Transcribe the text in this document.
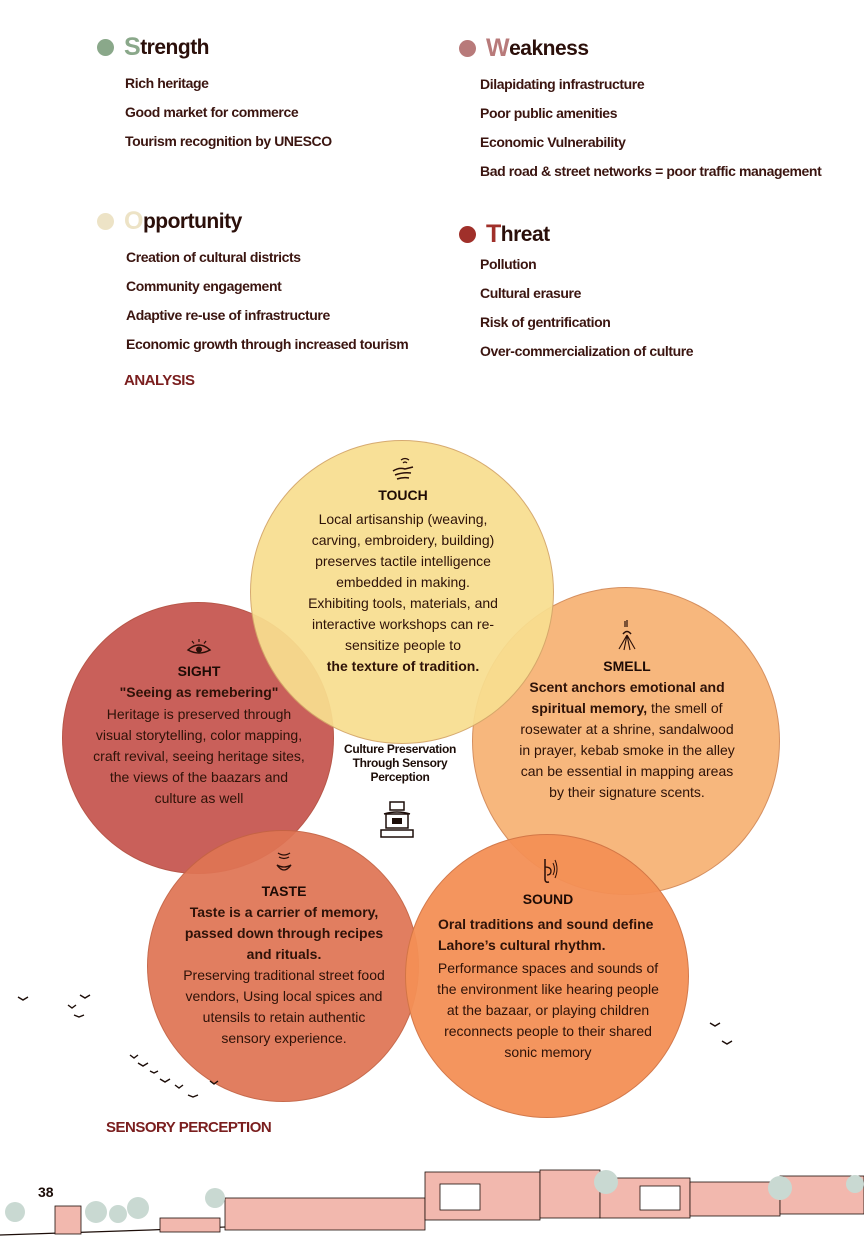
S trength
Rich heritage
Good market for commerce
Tourism recognition by UNESCO
W eakness
Dilapidating infrastructure
Poor public amenities
Economic Vulnerability
Bad road & street networks = poor traffic management
O pportunity
Creation of cultural districts
Community engagement
Adaptive re-use of infrastructure
Economic growth through increased tourism
T hreat
Pollution
Cultural erasure
Risk of gentrification
Over-commercialization of culture
ANALYSIS
SIGHT
"Seeing as remebering"
Heritage is preserved through visual storytelling, color mapping, craft revival, seeing heritage sites, the views of the baazars and culture as well
SMELL
Scent anchors emotional and spiritual memory, the smell of rosewater at a shrine, sandalwood in prayer, kebab smoke in the alley can be essential in mapping areas by their signature scents.
TOUCH
Local artisanship (weaving, carving, embroidery, building) preserves tactile intelligence embedded in making.
Exhibiting tools, materials, and interactive workshops can re-sensitize people to
the texture of tradition.
TASTE
Taste is a carrier of memory, passed down through recipes and rituals.
Preserving traditional street food vendors, Using local spices and utensils to retain authentic sensory experience.
SOUND
Oral traditions and sound define Lahore’s cultural rhythm.
Performance spaces and sounds of the environment like hearing people at the bazaar, or playing children reconnects people to their shared sonic memory
Culture Preservation Through Sensory Perception
SENSORY PERCEPTION
38
